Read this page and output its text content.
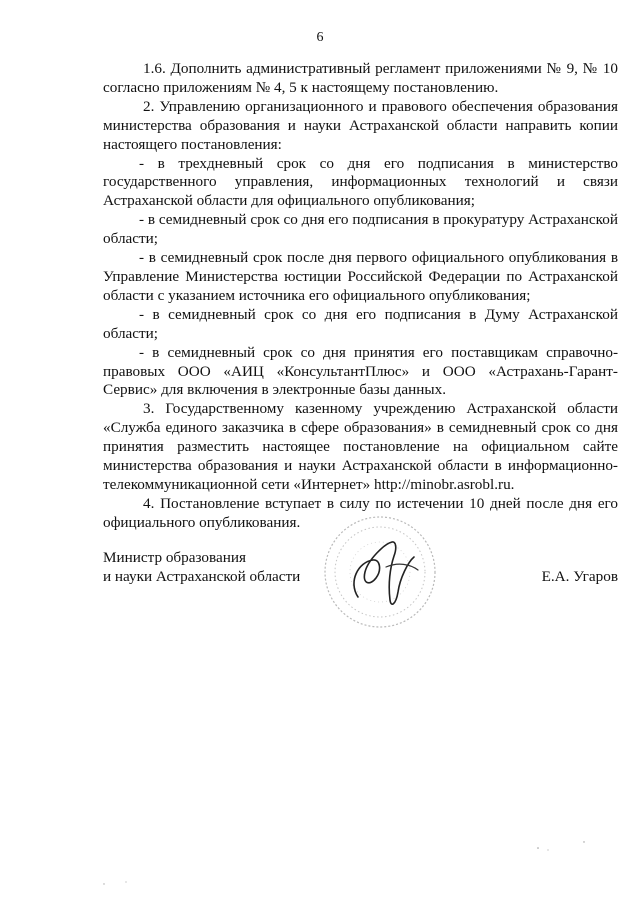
6

1.6. Дополнить административный регламент приложениями № 9, № 10 согласно приложениям № 4, 5 к настоящему постановлению.

2. Управлению организационного и правового обеспечения образования министерства образования и науки Астраханской области направить копии настоящего постановления:

- в трехдневный срок со дня его подписания в министерство государственного управления, информационных технологий и связи Астраханской области для официального опубликования;

- в семидневный срок со дня его подписания в прокуратуру Астраханской области;

- в семидневный срок после дня первого официального опубликования в Управление Министерства юстиции Российской Федерации по Астраханской области с указанием источника его официального опубликования;

- в семидневный срок со дня его подписания в Думу Астраханской области;

- в семидневный срок со дня принятия его поставщикам справочно-правовых ООО «АИЦ «КонсультантПлюс» и ООО «Астрахань-Гарант-Сервис» для включения в электронные базы данных.

3. Государственному казенному учреждению Астраханской области «Служба единого заказчика в сфере образования» в семидневный срок со дня принятия разместить настоящее постановление на официальном сайте министерства образования и науки Астраханской области в информационно-телекоммуникационной сети «Интернет» http://minobr.asrobl.ru.

4. Постановление вступает в силу по истечении 10 дней после дня его официального опубликования.

Министр образования
и науки Астраханской области	Е.А. Угаров
